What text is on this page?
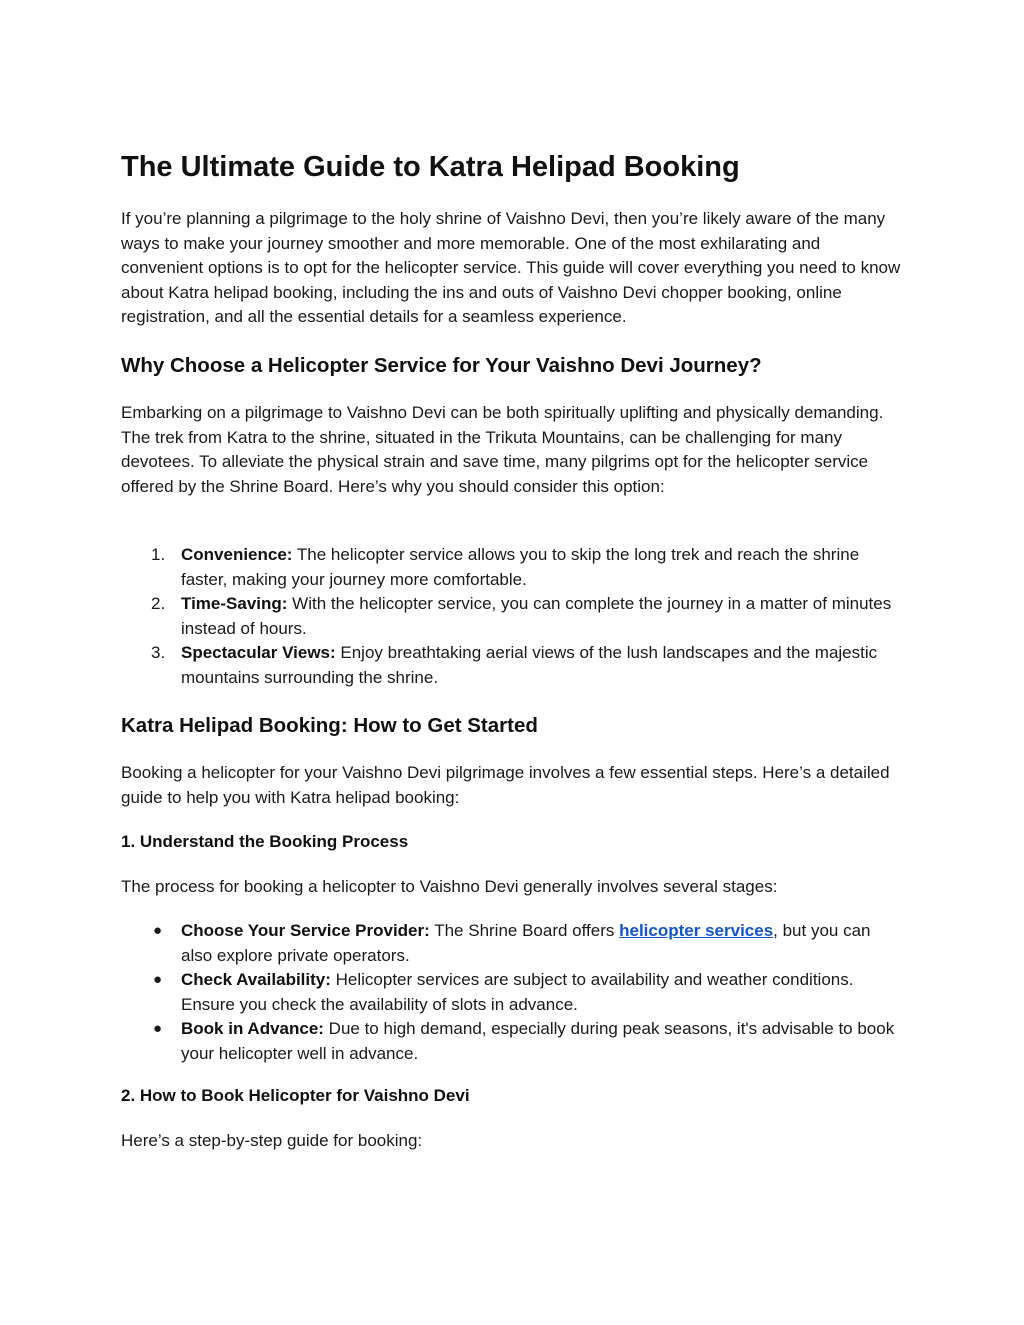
The Ultimate Guide to Katra Helipad Booking

If you’re planning a pilgrimage to the holy shrine of Vaishno Devi, then you’re likely aware of the many ways to make your journey smoother and more memorable. One of the most exhilarating and convenient options is to opt for the helicopter service. This guide will cover everything you need to know about Katra helipad booking, including the ins and outs of Vaishno Devi chopper booking, online registration, and all the essential details for a seamless experience.

Why Choose a Helicopter Service for Your Vaishno Devi Journey?

Embarking on a pilgrimage to Vaishno Devi can be both spiritually uplifting and physically demanding. The trek from Katra to the shrine, situated in the Trikuta Mountains, can be challenging for many devotees. To alleviate the physical strain and save time, many pilgrims opt for the helicopter service offered by the Shrine Board. Here’s why you should consider this option:

1. Convenience: The helicopter service allows you to skip the long trek and reach the shrine faster, making your journey more comfortable.
2. Time-Saving: With the helicopter service, you can complete the journey in a matter of minutes instead of hours.
3. Spectacular Views: Enjoy breathtaking aerial views of the lush landscapes and the majestic mountains surrounding the shrine.
Katra Helipad Booking: How to Get Started

Booking a helicopter for your Vaishno Devi pilgrimage involves a few essential steps. Here’s a detailed guide to help you with Katra helipad booking:

1. Understand the Booking Process

The process for booking a helicopter to Vaishno Devi generally involves several stages:

● Choose Your Service Provider: The Shrine Board offers helicopter services, but you can also explore private operators.
● Check Availability: Helicopter services are subject to availability and weather conditions. Ensure you check the availability of slots in advance.
● Book in Advance: Due to high demand, especially during peak seasons, it's advisable to book your helicopter well in advance.
2. How to Book Helicopter for Vaishno Devi

Here’s a step-by-step guide for booking:
